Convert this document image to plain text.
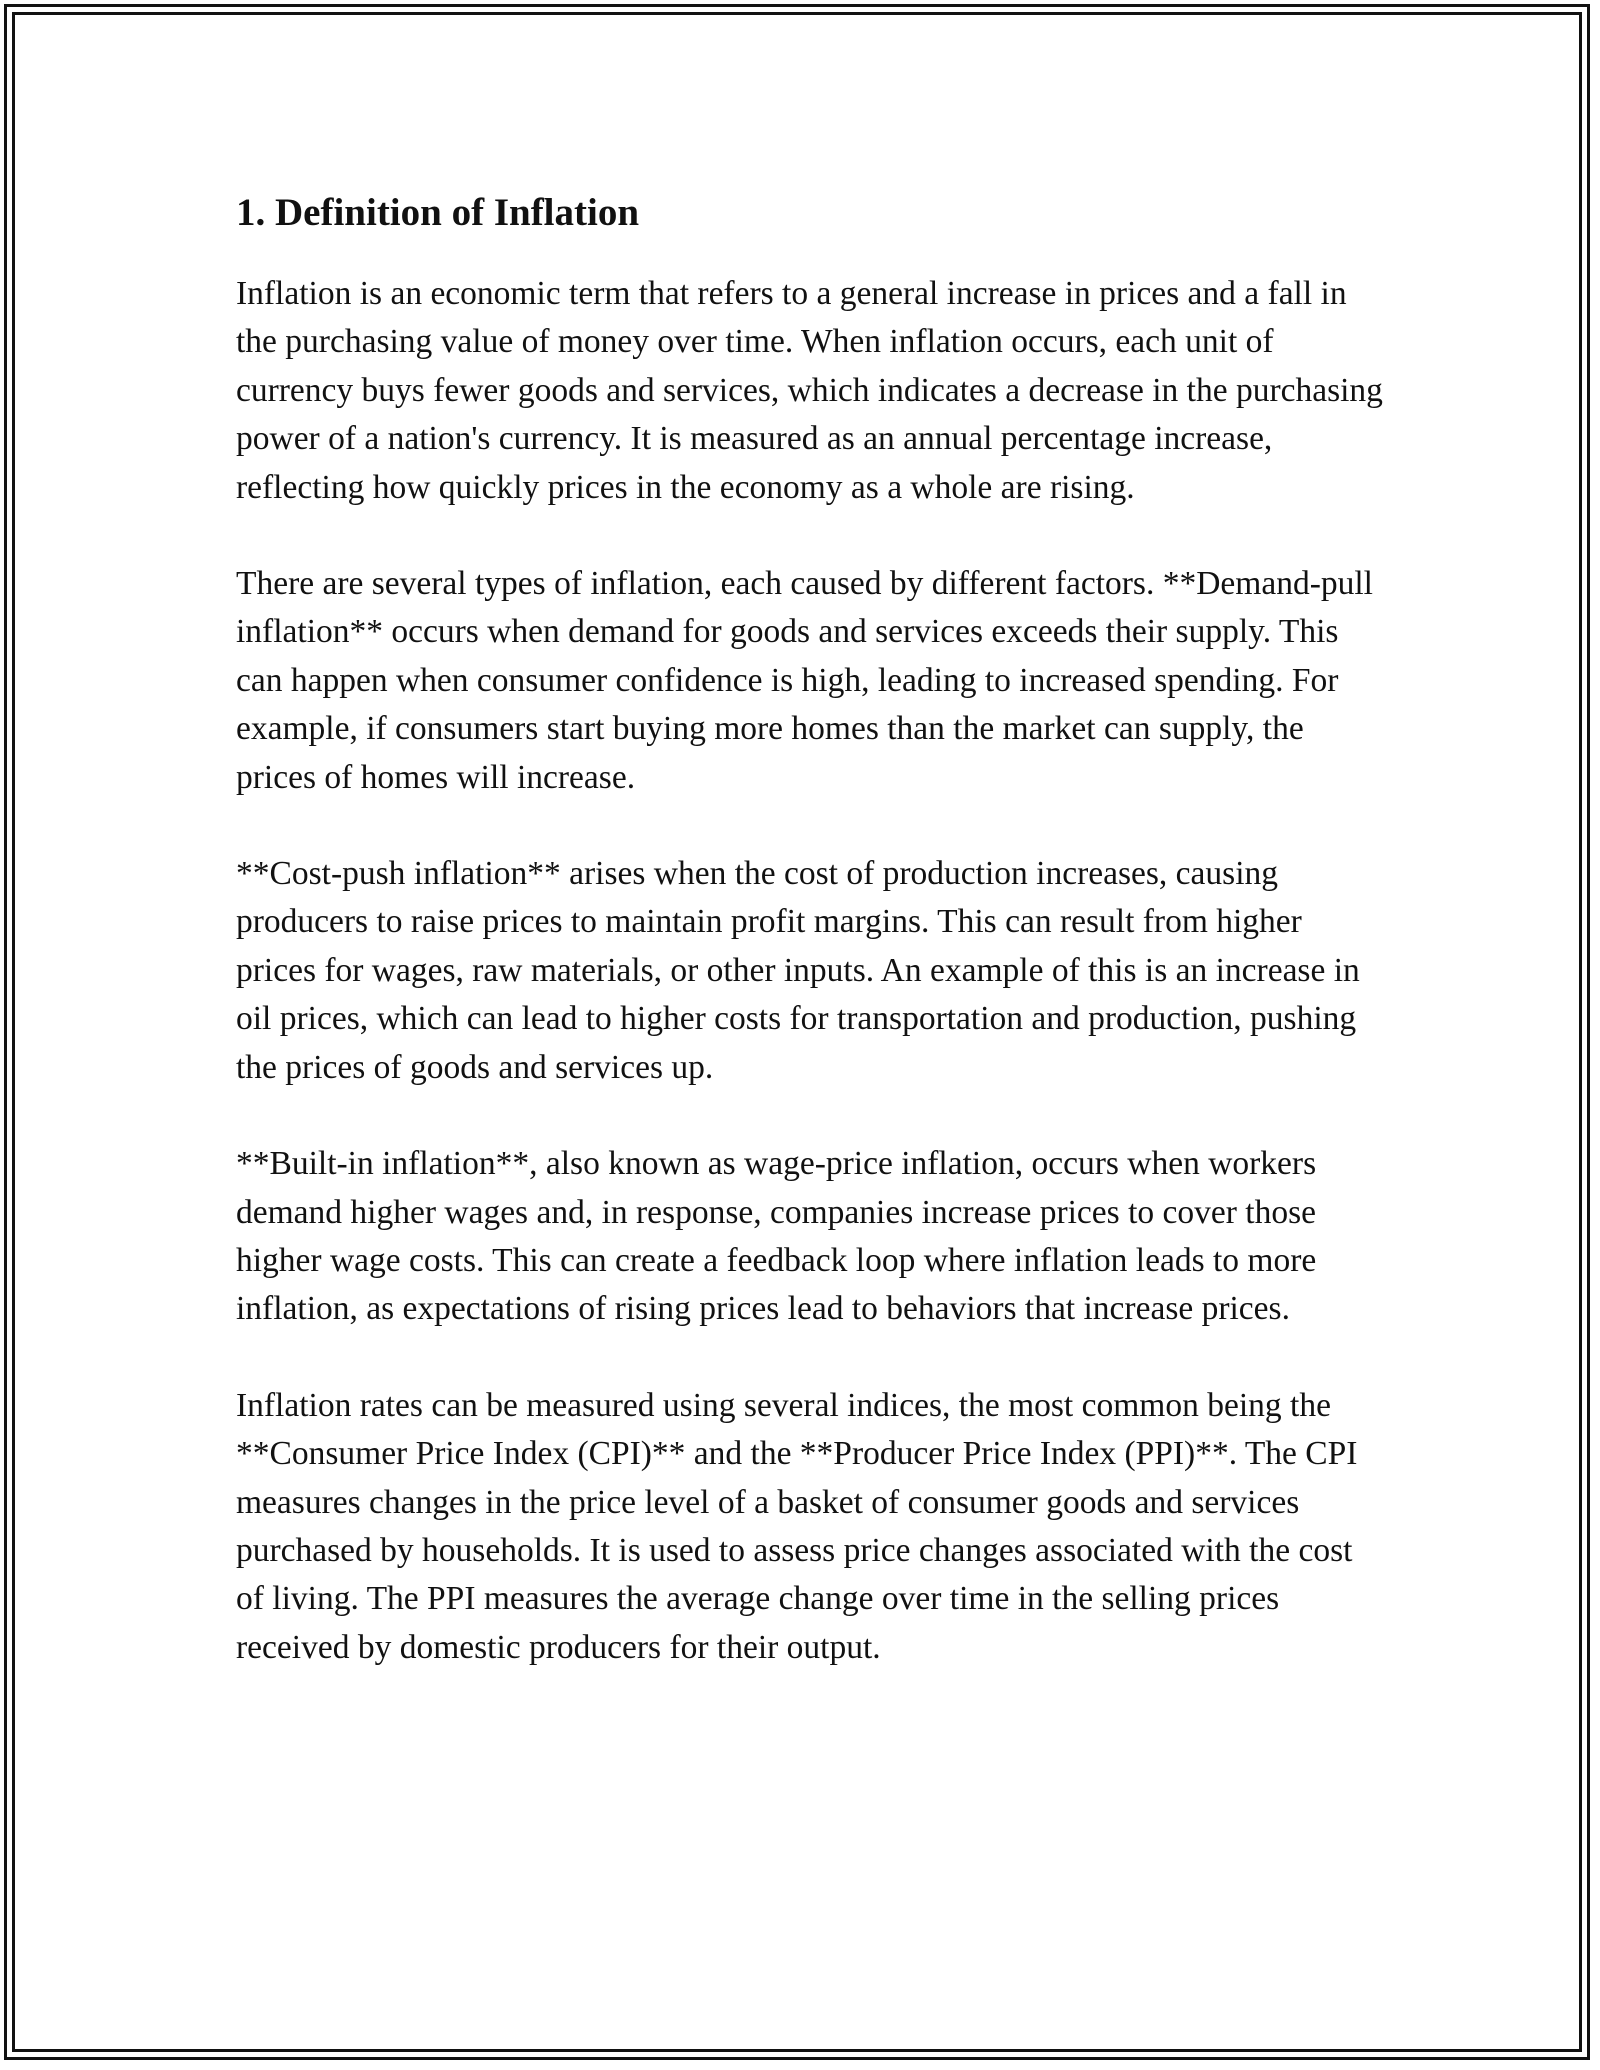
1. Definition of Inflation

Inflation is an economic term that refers to a general increase in prices and a fall in the purchasing value of money over time. When inflation occurs, each unit of currency buys fewer goods and services, which indicates a decrease in the purchasing power of a nation's currency. It is measured as an annual percentage increase, reflecting how quickly prices in the economy as a whole are rising.

There are several types of inflation, each caused by different factors. **Demand-pull inflation** occurs when demand for goods and services exceeds their supply. This can happen when consumer confidence is high, leading to increased spending. For example, if consumers start buying more homes than the market can supply, the prices of homes will increase.

**Cost-push inflation** arises when the cost of production increases, causing producers to raise prices to maintain profit margins. This can result from higher prices for wages, raw materials, or other inputs. An example of this is an increase in oil prices, which can lead to higher costs for transportation and production, pushing the prices of goods and services up.

**Built-in inflation**, also known as wage-price inflation, occurs when workers demand higher wages and, in response, companies increase prices to cover those higher wage costs. This can create a feedback loop where inflation leads to more inflation, as expectations of rising prices lead to behaviors that increase prices.

Inflation rates can be measured using several indices, the most common being the **Consumer Price Index (CPI)** and the **Producer Price Index (PPI)**. The CPI measures changes in the price level of a basket of consumer goods and services purchased by households. It is used to assess price changes associated with the cost of living. The PPI measures the average change over time in the selling prices received by domestic producers for their output.
